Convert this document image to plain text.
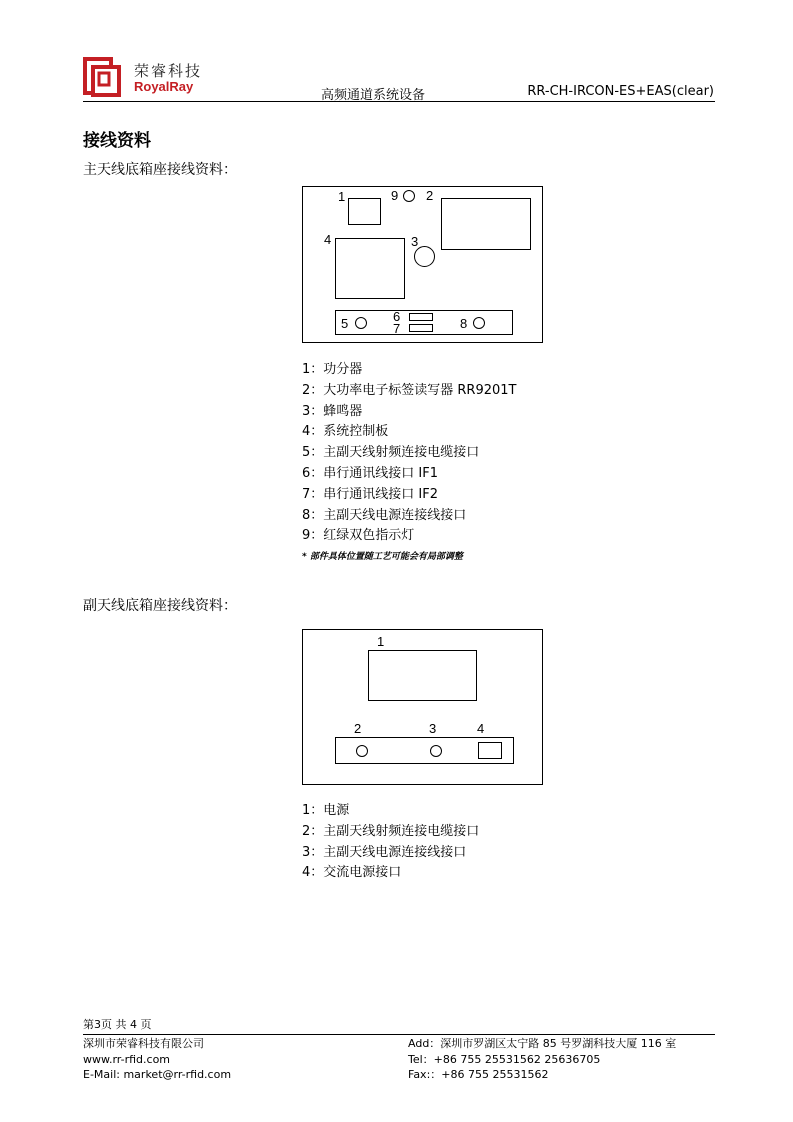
荣睿科技
RoyalRay
高频通道系统设备	RR-CH-IRCON-ES+EAS(clear)
接线资料
主天线底箱座接线资料：
1	9 2
4	3
5	6
7	8
1：功分器
2：大功率电子标签读写器 RR9201T
3：蜂鸣器
4：系统控制板
5：主副天线射频连接电缆接口
6：串行通讯线接口 IF1
7：串行通讯线接口 IF2
8：主副天线电源连接线接口
9：红绿双色指示灯
* 部件具体位置随工艺可能会有局部调整
副天线底箱座接线资料：
1
2	3	4
1：电源
2：主副天线射频连接电缆接口
3：主副天线电源连接线接口
4：交流电源接口
第3页 共 4 页
深圳市荣睿科技有限公司
www.rr-rfid.com
E-Mail: market@rr-rfid.com
Add：深圳市罗湖区太宁路 85 号罗湖科技大厦 116 室
Tel：+86 755 25531562 25636705
Fax:：+86 755 25531562
